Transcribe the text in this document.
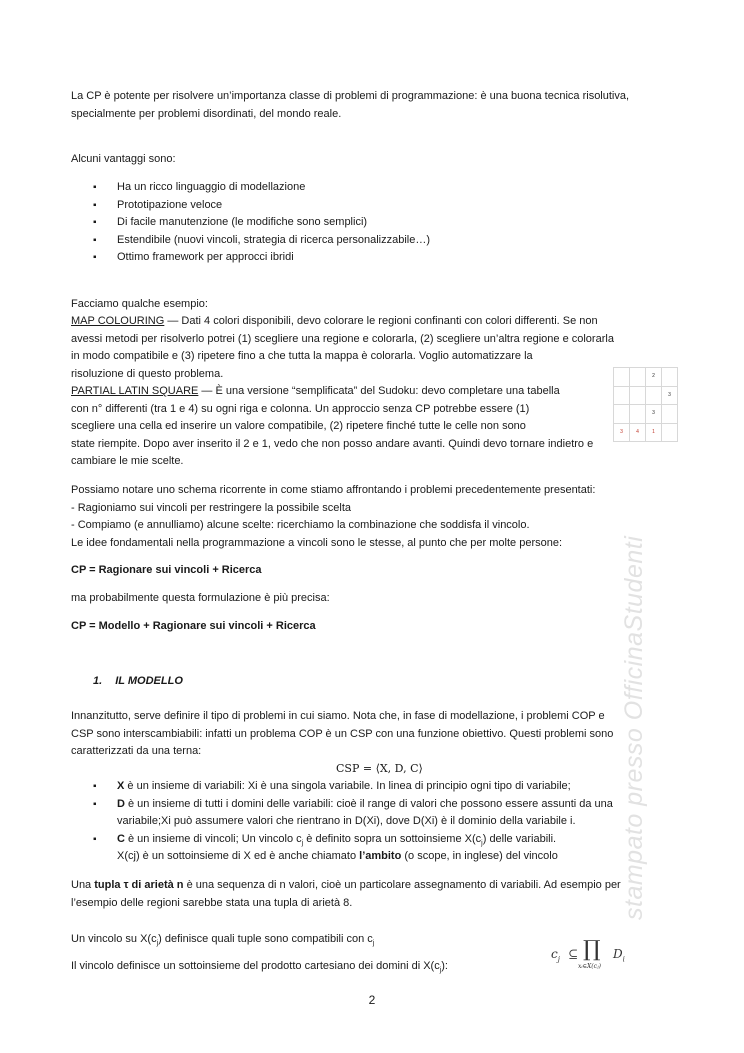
La CP è potente per risolvere un’importanza classe di problemi di programmazione: è una buona tecnica risolutiva, specialmente per problemi disordinati, del mondo reale.
Alcuni vantaggi sono:
▪ Ha un ricco linguaggio di modellazione
▪ Prototipazione veloce
▪ Di facile manutenzione (le modifiche sono semplici)
▪ Estendibile (nuovi vincoli, strategia di ricerca personalizzabile…)
▪ Ottimo framework per approcci ibridi
Facciamo qualche esempio:
MAP COLOURING — Dati 4 colori disponibili, devo colorare le regioni confinanti con colori differenti. Se non
avessi metodi per risolverlo potrei (1) scegliere una regione e colorarla, (2) scegliere un’altra regione e colorarla
in modo compatibile e (3) ripetere fino a che tutta la mappa è colorarla. Voglio automatizzare la
risoluzione di questo problema.
PARTIAL LATIN SQUARE — È una versione “semplificata” del Sudoku: devo completare una tabella
con n° differenti (tra 1 e 4) su ogni riga e colonna. Un approccio senza CP potrebbe essere (1)
scegliere una cella ed inserire un valore compatibile, (2) ripetere finché tutte le celle non sono
state riempite. Dopo aver inserito il 2 e 1, vedo che non posso andare avanti. Quindi devo tornare indietro e
cambiare le mie scelte.
		2	
			3
		3	
3	4	1	
Possiamo notare uno schema ricorrente in come stiamo affrontando i problemi precedentemente presentati:
- Ragioniamo sui vincoli per restringere la possibile scelta
- Compiamo (e annulliamo) alcune scelte: ricerchiamo la combinazione che soddisfa il vincolo.
Le idee fondamentali nella programmazione a vincoli sono le stesse, al punto che per molte persone:
CP = Ragionare sui vincoli + Ricerca
ma probabilmente questa formulazione è più precisa:
CP = Modello + Ragionare sui vincoli + Ricerca
1. IL MODELLO
Innanzitutto, serve definire il tipo di problemi in cui siamo. Nota che, in fase di modellazione, i problemi COP e
CSP sono interscambiabili: infatti un problema COP è un CSP con una funzione obiettivo. Questi problemi sono
caratterizzati da una terna:
CSP = ⟨X, D, C⟩
▪ X è un insieme di variabili: Xi è una singola variabile. In linea di principio ogni tipo di variabile;
▪ D è un insieme di tutti i domini delle variabili: cioè il range di valori che possono essere assunti da una
variabile;Xi può assumere valori che rientrano in D(Xi), dove D(Xi) è il dominio della variabile i.
▪ C è un insieme di vincoli; Un vincolo $c_j$ è definito sopra un sottoinsieme $X(c_j)$ delle variabili.
X(cj) è un sottoinsieme di X ed è anche chiamato l’ambito (o scope, in inglese) del vincolo
Una tupla τ di arietà n è una sequenza di n valori, cioè un particolare assegnamento di variabili. Ad esempio per
l’esempio delle regioni sarebbe stata una tupla di arietà 8.
Un vincolo su $X(c_j)$ definisce quali tuple sono compatibili con $c_j$
Il vincolo definisce un sottoinsieme del prodotto cartesiano dei domini di $X(c_j)$:
$c_j$ ⊆ ∏
xᵢ∈X(cⱼ)
$D_i$
stampato presso OfficinaStudenti
2
